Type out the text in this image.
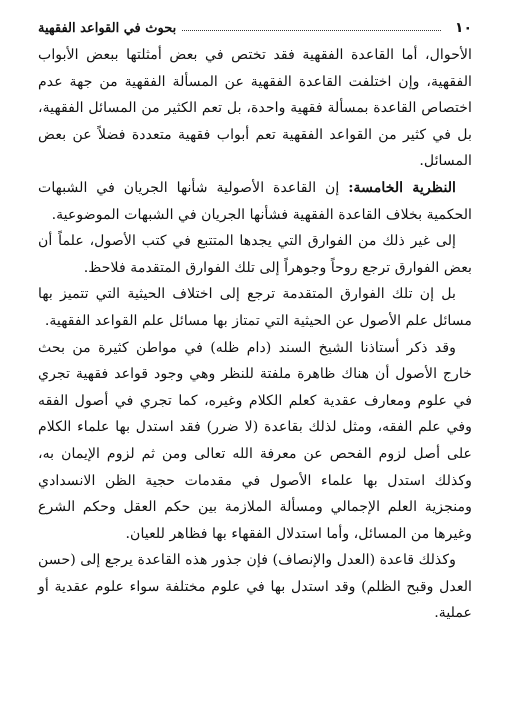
١٠
بحوث في القواعد الفقهية

الأحوال، أما القاعدة الفقهية فقد تختص في بعض أمثلتها ببعض الأبواب الفقهية، وإن اختلفت القاعدة الفقهية عن المسألة الفقهية من جهة عدم اختصاص القاعدة بمسألة فقهية واحدة، بل تعم الكثير من المسائل الفقهية، بل في كثير من القواعد الفقهية تعم أبواب فقهية متعددة فضلاً عن بعض المسائل.

النظرية الخامسة: إن القاعدة الأصولية شأنها الجريان في الشبهات الحكمية بخلاف القاعدة الفقهية فشأنها الجريان في الشبهات الموضوعية.

إلى غير ذلك من الفوارق التي يجدها المتتبع في كتب الأصول، علماً أن بعض الفوارق ترجع روحاً وجوهراً إلى تلك الفوارق المتقدمة فلاحظ.

بل إن تلك الفوارق المتقدمة ترجع إلى اختلاف الحيثية التي تتميز بها مسائل علم الأصول عن الحيثية التي تمتاز بها مسائل علم القواعد الفقهية.

وقد ذكر أستاذنا الشيخ السند (دام ظله) في مواطن كثيرة من بحث خارج الأصول أن هناك ظاهرة ملفتة للنظر وهي وجود قواعد فقهية تجري في علوم ومعارف عقدية كعلم الكلام وغيره، كما تجري في أصول الفقه وفي علم الفقه، ومثل لذلك بقاعدة (لا ضرر) فقد استدل بها علماء الكلام على أصل لزوم الفحص عن معرفة الله تعالى ومن ثم لزوم الإيمان به، وكذلك استدل بها علماء الأصول في مقدمات حجية الظن الانسدادي ومنجزية العلم الإجمالي ومسألة الملازمة بين حكم العقل وحكم الشرع وغيرها من المسائل، وأما استدلال الفقهاء بها فظاهر للعيان.

وكذلك قاعدة (العدل والإنصاف) فإن جذور هذه القاعدة يرجع إلى (حسن العدل وقبح الظلم) وقد استدل بها في علوم مختلفة سواء علوم عقدية أو عملية.
